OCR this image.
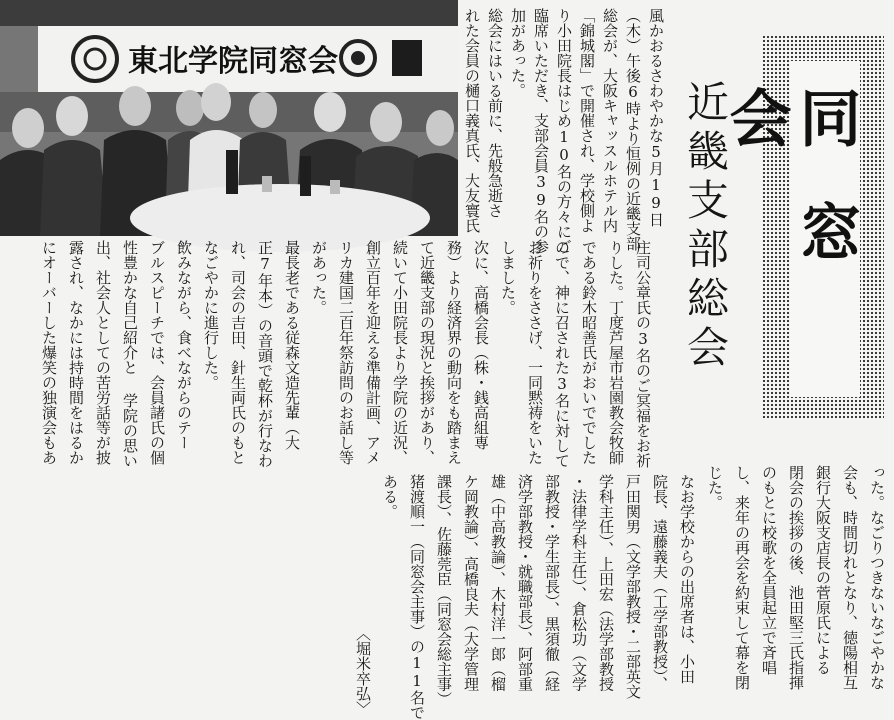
東北学院同窓会
同窓会
近畿支部総会
風かおるさわやかな5月19日
（木）午後6時より恒例の近畿支部
総会が、大阪キャッスルホテル内
「錦城閣」で開催され、学校側よ
り小田院長はじめ10名の方々にご
臨席いただき、支部会員39名の参
加があった。
総会にはいる前に、先般急逝さ
れた会員の樋口義真氏、大友寰氏
庄司公章氏の3名のご冥福をお祈
りした。丁度芦屋市岩園教会牧師
である鈴木昭善氏がおいででした
ので、神に召された3名に対して
お祈りをささげ、一同黙祷をいた
しました。
次に、高橋会長（株・銭高組専
務）より経済界の動向をも踏まえ
て近畿支部の現況と挨拶があり、
続いて小田院長より学院の近況、
創立百年を迎える準備計画、アメ
リカ建国二百年祭訪問のお話し等
があった。
最長老である従森文造先輩（大
正7年本）の音頭で乾杯が行なわ
れ、司会の吉田、針生両氏のもと
なごやかに進行した。
飲みながら、食べながらのテー
ブルスピーチでは、会員諸氏の個
性豊かな自己紹介と 学院の思い
出、社会人としての苦労話等が披
露され、なかには持時間をはるか
にオーバーした爆笑の独演会もあ
った。なごりつきないなごやかな
会も、時間切れとなり、徳陽相互
銀行大阪支店長の菅原氏による
閉会の挨拶の後、池田堅三氏指揮
のもとに校歌を全員起立で斉唱
し、来年の再会を約束して幕を閉
じた。
なお学校からの出席者は、小田
院長、遠藤義夫（工学部教授）、
戸田関男（文学部教授・二部英文
学科主任）、上田宏（法学部教授
・法律学科主任）、倉松功（文学
部教授・学生部長）、黒須徹（経
済学部教授・就職部長）、阿部重
雄（中高教論）、木村洋一郎（榴
ケ岡教論）、高橋良夫（大学管理
課長）、佐藤莞臣（同窓会総主事）
猪渡順一（同窓会主事）の11名で
ある。
〈堀米卒弘〉
